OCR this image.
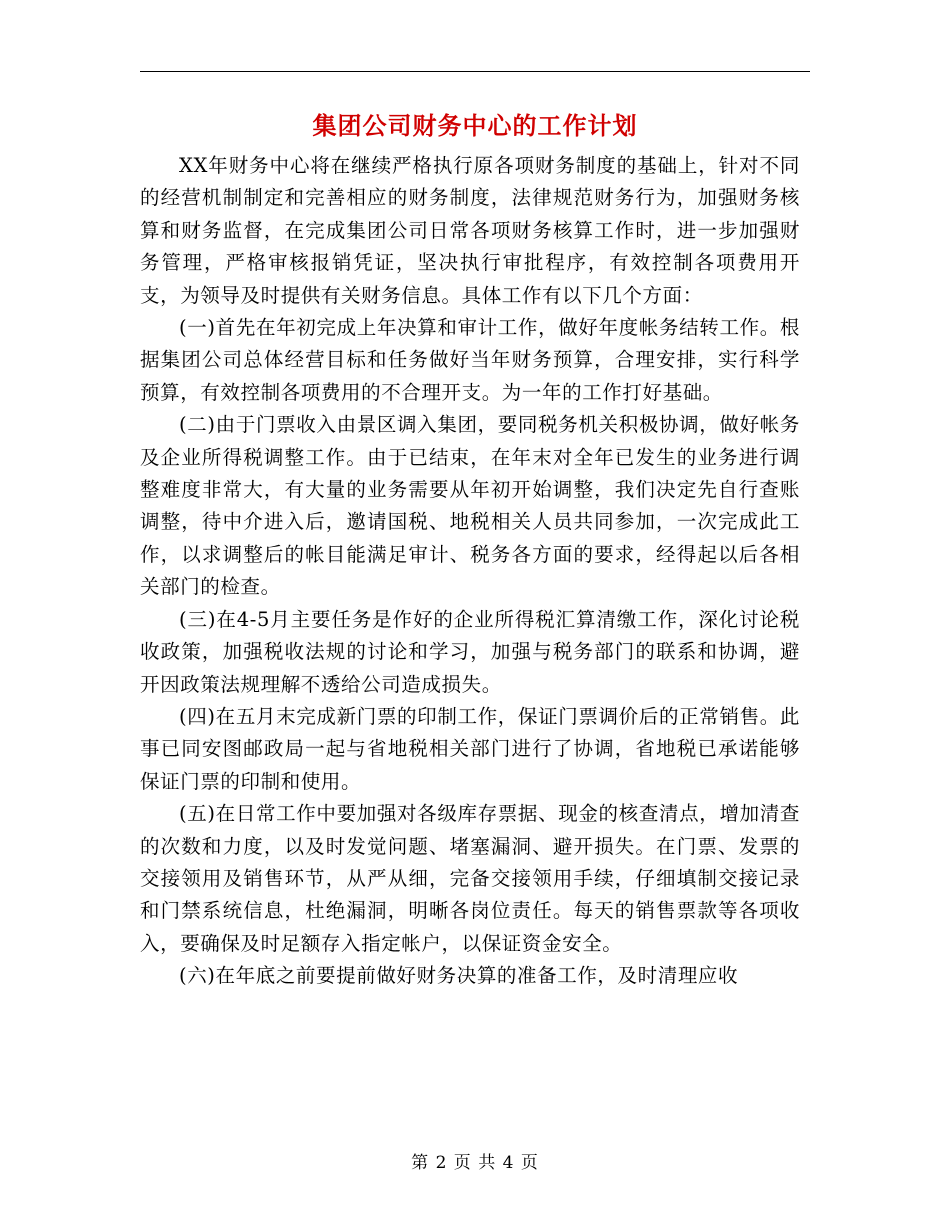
集团公司财务中心的工作计划

XX年财务中心将在继续严格执行原各项财务制度的基础上，针对不同的经营机制制定和完善相应的财务制度，法律规范财务行为，加强财务核算和财务监督，在完成集团公司日常各项财务核算工作时，进一步加强财务管理，严格审核报销凭证，坚决执行审批程序，有效控制各项费用开支，为领导及时提供有关财务信息。具体工作有以下几个方面：

(一)首先在年初完成上年决算和审计工作，做好年度帐务结转工作。根据集团公司总体经营目标和任务做好当年财务预算，合理安排，实行科学预算，有效控制各项费用的不合理开支。为一年的工作打好基础。

(二)由于门票收入由景区调入集团，要同税务机关积极协调，做好帐务及企业所得税调整工作。由于已结束，在年末对全年已发生的业务进行调整难度非常大，有大量的业务需要从年初开始调整，我们决定先自行查账调整，待中介进入后，邀请国税、地税相关人员共同参加，一次完成此工作，以求调整后的帐目能满足审计、税务各方面的要求，经得起以后各相关部门的检查。

(三)在4-5月主要任务是作好的企业所得税汇算清缴工作，深化讨论税收政策，加强税收法规的讨论和学习，加强与税务部门的联系和协调，避开因政策法规理解不透给公司造成损失。

(四)在五月末完成新门票的印制工作，保证门票调价后的正常销售。此事已同安图邮政局一起与省地税相关部门进行了协调，省地税已承诺能够保证门票的印制和使用。

(五)在日常工作中要加强对各级库存票据、现金的核查清点，增加清查的次数和力度，以及时发觉问题、堵塞漏洞、避开损失。在门票、发票的交接领用及销售环节，从严从细，完备交接领用手续，仔细填制交接记录和门禁系统信息，杜绝漏洞，明晰各岗位责任。每天的销售票款等各项收入，要确保及时足额存入指定帐户，以保证资金安全。

(六)在年底之前要提前做好财务决算的准备工作，及时清理应收

第 2 页 共 4 页
